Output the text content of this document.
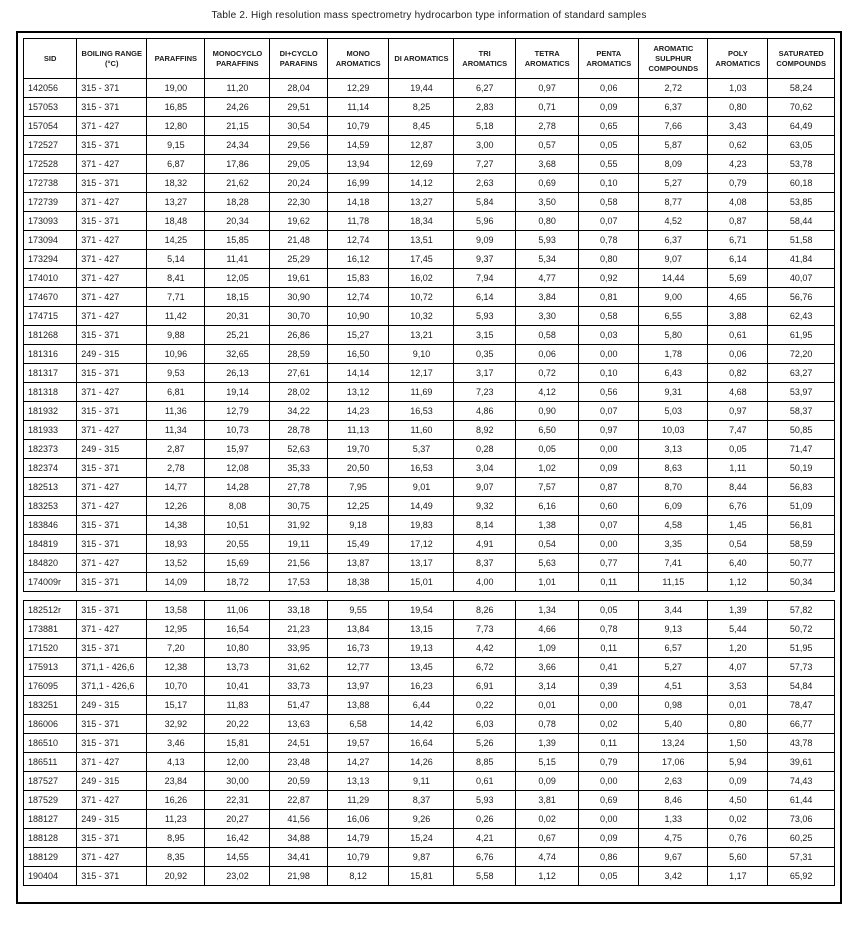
Table 2. High resolution mass spectrometry hydrocarbon type information of standard samples
SID	BOILING RANGE (°C)	PARAFFINS	MONOCYCLO PARAFFINS	DI+CYCLO PARAFINS	MONO AROMATICS	DI AROMATICS	TRI AROMATICS	TETRA AROMATICS	PENTA AROMATICS	AROMATIC SULPHUR COMPOUNDS	POLY AROMATICS	SATURATED COMPOUNDS
142056	315 - 371	19,00	11,20	28,04	12,29	19,44	6,27	0,97	0,06	2,72	1,03	58,24
157053	315 - 371	16,85	24,26	29,51	11,14	8,25	2,83	0,71	0,09	6,37	0,80	70,62
157054	371 - 427	12,80	21,15	30,54	10,79	8,45	5,18	2,78	0,65	7,66	3,43	64,49
172527	315 - 371	9,15	24,34	29,56	14,59	12,87	3,00	0,57	0,05	5,87	0,62	63,05
172528	371 - 427	6,87	17,86	29,05	13,94	12,69	7,27	3,68	0,55	8,09	4,23	53,78
172738	315 - 371	18,32	21,62	20,24	16,99	14,12	2,63	0,69	0,10	5,27	0,79	60,18
172739	371 - 427	13,27	18,28	22,30	14,18	13,27	5,84	3,50	0,58	8,77	4,08	53,85
173093	315 - 371	18,48	20,34	19,62	11,78	18,34	5,96	0,80	0,07	4,52	0,87	58,44
173094	371 - 427	14,25	15,85	21,48	12,74	13,51	9,09	5,93	0,78	6,37	6,71	51,58
173294	371 - 427	5,14	11,41	25,29	16,12	17,45	9,37	5,34	0,80	9,07	6,14	41,84
174010	371 - 427	8,41	12,05	19,61	15,83	16,02	7,94	4,77	0,92	14,44	5,69	40,07
174670	371 - 427	7,71	18,15	30,90	12,74	10,72	6,14	3,84	0,81	9,00	4,65	56,76
174715	371 - 427	11,42	20,31	30,70	10,90	10,32	5,93	3,30	0,58	6,55	3,88	62,43
181268	315 - 371	9,88	25,21	26,86	15,27	13,21	3,15	0,58	0,03	5,80	0,61	61,95
181316	249 - 315	10,96	32,65	28,59	16,50	9,10	0,35	0,06	0,00	1,78	0,06	72,20
181317	315 - 371	9,53	26,13	27,61	14,14	12,17	3,17	0,72	0,10	6,43	0,82	63,27
181318	371 - 427	6,81	19,14	28,02	13,12	11,69	7,23	4,12	0,56	9,31	4,68	53,97
181932	315 - 371	11,36	12,79	34,22	14,23	16,53	4,86	0,90	0,07	5,03	0,97	58,37
181933	371 - 427	11,34	10,73	28,78	11,13	11,60	8,92	6,50	0,97	10,03	7,47	50,85
182373	249 - 315	2,87	15,97	52,63	19,70	5,37	0,28	0,05	0,00	3,13	0,05	71,47
182374	315 - 371	2,78	12,08	35,33	20,50	16,53	3,04	1,02	0,09	8,63	1,11	50,19
182513	371 - 427	14,77	14,28	27,78	7,95	9,01	9,07	7,57	0,87	8,70	8,44	56,83
183253	371 - 427	12,26	8,08	30,75	12,25	14,49	9,32	6,16	0,60	6,09	6,76	51,09
183846	315 - 371	14,38	10,51	31,92	9,18	19,83	8,14	1,38	0,07	4,58	1,45	56,81
184819	315 - 371	18,93	20,55	19,11	15,49	17,12	4,91	0,54	0,00	3,35	0,54	58,59
184820	371 - 427	13,52	15,69	21,56	13,87	13,17	8,37	5,63	0,77	7,41	6,40	50,77
174009r	315 - 371	14,09	18,72	17,53	18,38	15,01	4,00	1,01	0,11	11,15	1,12	50,34

182512r	315 - 371	13,58	11,06	33,18	9,55	19,54	8,26	1,34	0,05	3,44	1,39	57,82
173881	371 - 427	12,95	16,54	21,23	13,84	13,15	7,73	4,66	0,78	9,13	5,44	50,72
171520	315 - 371	7,20	10,80	33,95	16,73	19,13	4,42	1,09	0,11	6,57	1,20	51,95
175913	371,1 - 426,6	12,38	13,73	31,62	12,77	13,45	6,72	3,66	0,41	5,27	4,07	57,73
176095	371,1 - 426,6	10,70	10,41	33,73	13,97	16,23	6,91	3,14	0,39	4,51	3,53	54,84
183251	249 - 315	15,17	11,83	51,47	13,88	6,44	0,22	0,01	0,00	0,98	0,01	78,47
186006	315 - 371	32,92	20,22	13,63	6,58	14,42	6,03	0,78	0,02	5,40	0,80	66,77
186510	315 - 371	3,46	15,81	24,51	19,57	16,64	5,26	1,39	0,11	13,24	1,50	43,78
186511	371 - 427	4,13	12,00	23,48	14,27	14,26	8,85	5,15	0,79	17,06	5,94	39,61
187527	249 - 315	23,84	30,00	20,59	13,13	9,11	0,61	0,09	0,00	2,63	0,09	74,43
187529	371 - 427	16,26	22,31	22,87	11,29	8,37	5,93	3,81	0,69	8,46	4,50	61,44
188127	249 - 315	11,23	20,27	41,56	16,06	9,26	0,26	0,02	0,00	1,33	0,02	73,06
188128	315 - 371	8,95	16,42	34,88	14,79	15,24	4,21	0,67	0,09	4,75	0,76	60,25
188129	371 - 427	8,35	14,55	34,41	10,79	9,87	6,76	4,74	0,86	9,67	5,60	57,31
190404	315 - 371	20,92	23,02	21,98	8,12	15,81	5,58	1,12	0,05	3,42	1,17	65,92
